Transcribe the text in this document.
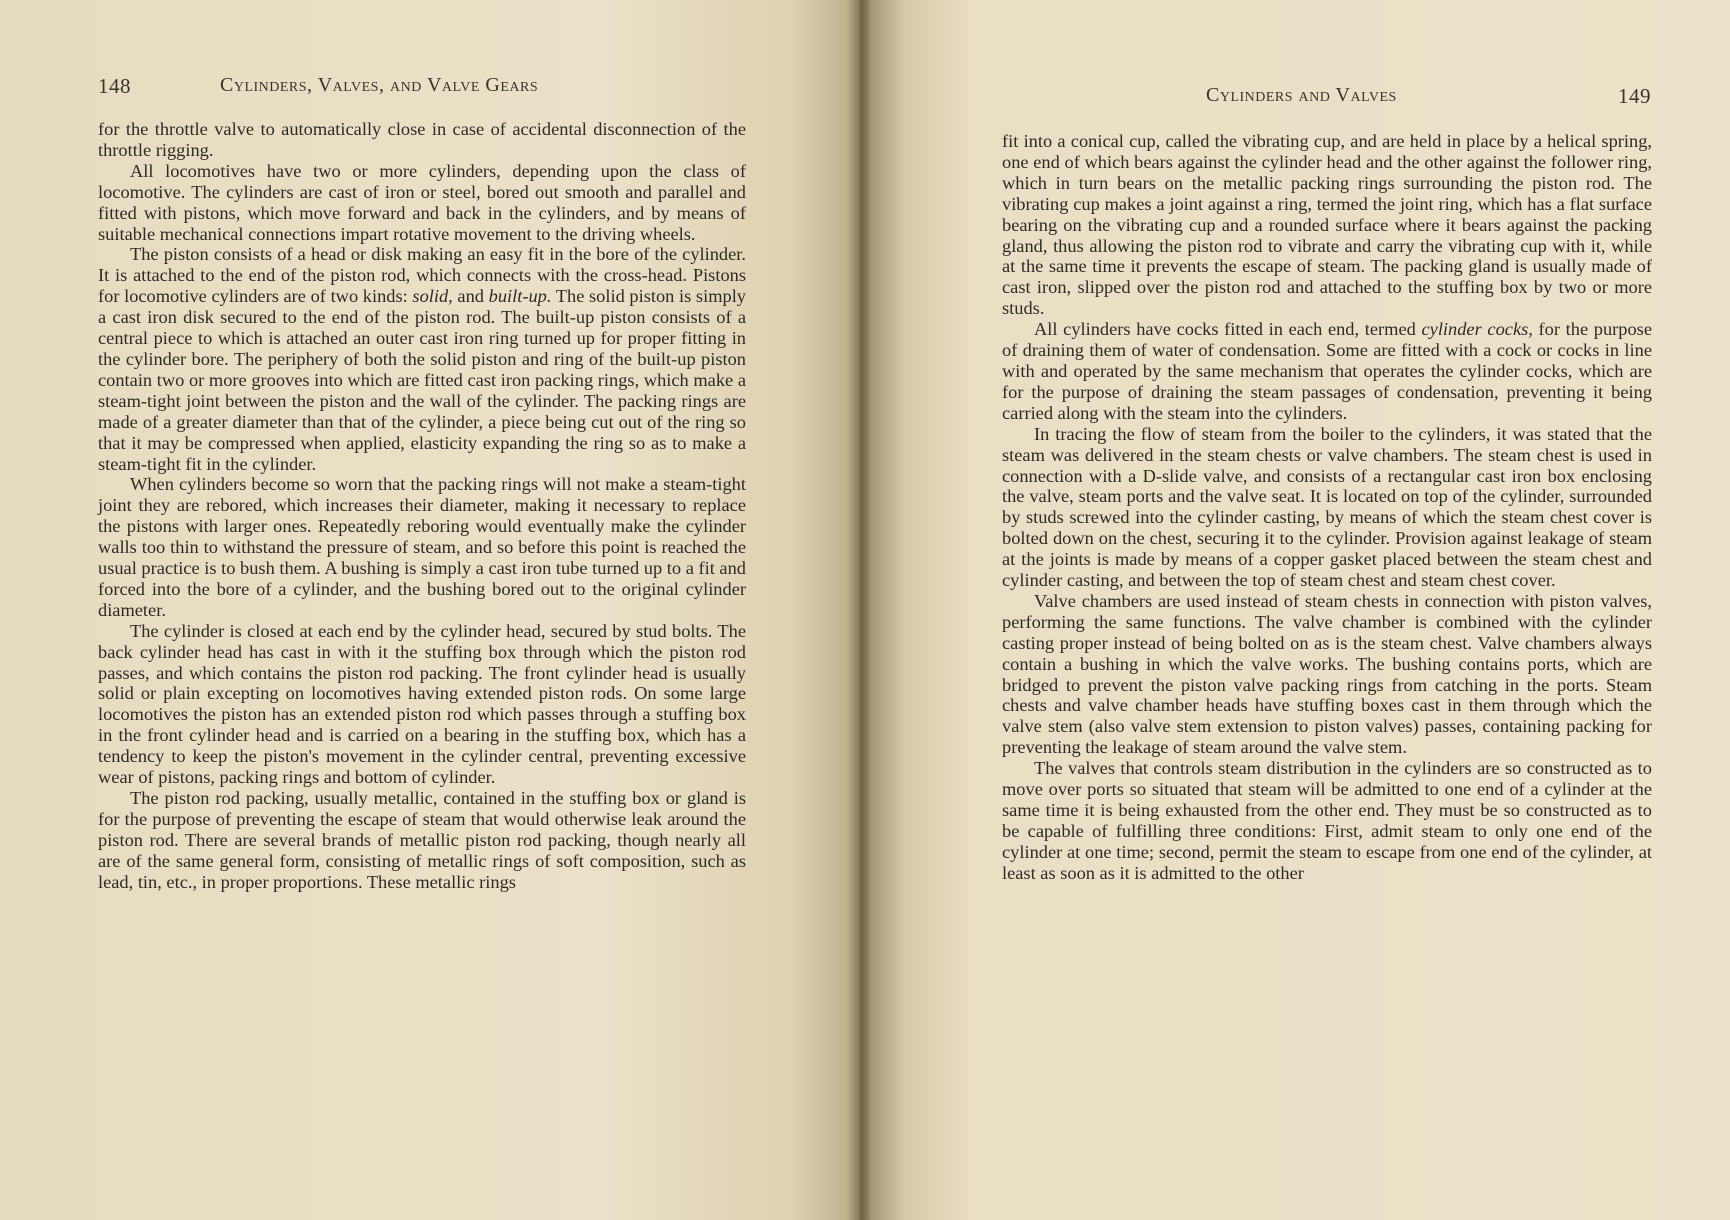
148	Cylinders, Valves, and Valve Gears

for the throttle valve to automatically close in case of accidental disconnection of the throttle rigging.

All locomotives have two or more cylinders, depending upon the class of locomotive. The cylinders are cast of iron or steel, bored out smooth and parallel and fitted with pistons, which move forward and back in the cylinders, and by means of suitable mechanical connections impart rotative movement to the driving wheels.

The piston consists of a head or disk making an easy fit in the bore of the cylinder. It is attached to the end of the piston rod, which connects with the cross-head. Pistons for locomotive cylinders are of two kinds: solid, and built-up. The solid piston is simply a cast iron disk secured to the end of the piston rod. The built-up piston consists of a central piece to which is attached an outer cast iron ring turned up for proper fitting in the cylinder bore. The periphery of both the solid piston and ring of the built-up piston contain two or more grooves into which are fitted cast iron packing rings, which make a steam-tight joint between the piston and the wall of the cylinder. The packing rings are made of a greater diameter than that of the cylinder, a piece being cut out of the ring so that it may be compressed when applied, elasticity expanding the ring so as to make a steam-tight fit in the cylinder.

When cylinders become so worn that the packing rings will not make a steam-tight joint they are rebored, which increases their diameter, making it necessary to replace the pistons with larger ones. Repeatedly reboring would eventually make the cylinder walls too thin to withstand the pressure of steam, and so before this point is reached the usual practice is to bush them. A bushing is simply a cast iron tube turned up to a fit and forced into the bore of a cylinder, and the bushing bored out to the original cylinder diameter.

The cylinder is closed at each end by the cylinder head, secured by stud bolts. The back cylinder head has cast in with it the stuffing box through which the piston rod passes, and which contains the piston rod packing. The front cylinder head is usually solid or plain excepting on locomotives having extended piston rods. On some large locomotives the piston has an extended piston rod which passes through a stuffing box in the front cylinder head and is carried on a bearing in the stuffing box, which has a tendency to keep the piston's movement in the cylinder central, preventing excessive wear of pistons, packing rings and bottom of cylinder.

The piston rod packing, usually metallic, contained in the stuffing box or gland is for the purpose of preventing the escape of steam that would otherwise leak around the piston rod. There are several brands of metallic piston rod packing, though nearly all are of the same general form, consisting of metallic rings of soft composition, such as lead, tin, etc., in proper proportions. These metallic rings

Cylinders and Valves	149

fit into a conical cup, called the vibrating cup, and are held in place by a helical spring, one end of which bears against the cylinder head and the other against the follower ring, which in turn bears on the metallic packing rings surrounding the piston rod. The vibrating cup makes a joint against a ring, termed the joint ring, which has a flat surface bearing on the vibrating cup and a rounded surface where it bears against the packing gland, thus allowing the piston rod to vibrate and carry the vibrating cup with it, while at the same time it prevents the escape of steam. The packing gland is usually made of cast iron, slipped over the piston rod and attached to the stuffing box by two or more studs.

All cylinders have cocks fitted in each end, termed cylinder cocks, for the purpose of draining them of water of condensation. Some are fitted with a cock or cocks in line with and operated by the same mechanism that operates the cylinder cocks, which are for the purpose of draining the steam passages of condensation, preventing it being carried along with the steam into the cylinders.

In tracing the flow of steam from the boiler to the cylinders, it was stated that the steam was delivered in the steam chests or valve chambers. The steam chest is used in connection with a D-slide valve, and consists of a rectangular cast iron box enclosing the valve, steam ports and the valve seat. It is located on top of the cylinder, surrounded by studs screwed into the cylinder casting, by means of which the steam chest cover is bolted down on the chest, securing it to the cylinder. Provision against leakage of steam at the joints is made by means of a copper gasket placed between the steam chest and cylinder casting, and between the top of steam chest and steam chest cover.

Valve chambers are used instead of steam chests in connection with piston valves, performing the same functions. The valve chamber is combined with the cylinder casting proper instead of being bolted on as is the steam chest. Valve chambers always contain a bushing in which the valve works. The bushing contains ports, which are bridged to prevent the piston valve packing rings from catching in the ports. Steam chests and valve chamber heads have stuffing boxes cast in them through which the valve stem (also valve stem extension to piston valves) passes, containing packing for preventing the leakage of steam around the valve stem.

The valves that controls steam distribution in the cylinders are so constructed as to move over ports so situated that steam will be admitted to one end of a cylinder at the same time it is being exhausted from the other end. They must be so constructed as to be capable of fulfilling three conditions: First, admit steam to only one end of the cylinder at one time; second, permit the steam to escape from one end of the cylinder, at least as soon as it is admitted to the other
